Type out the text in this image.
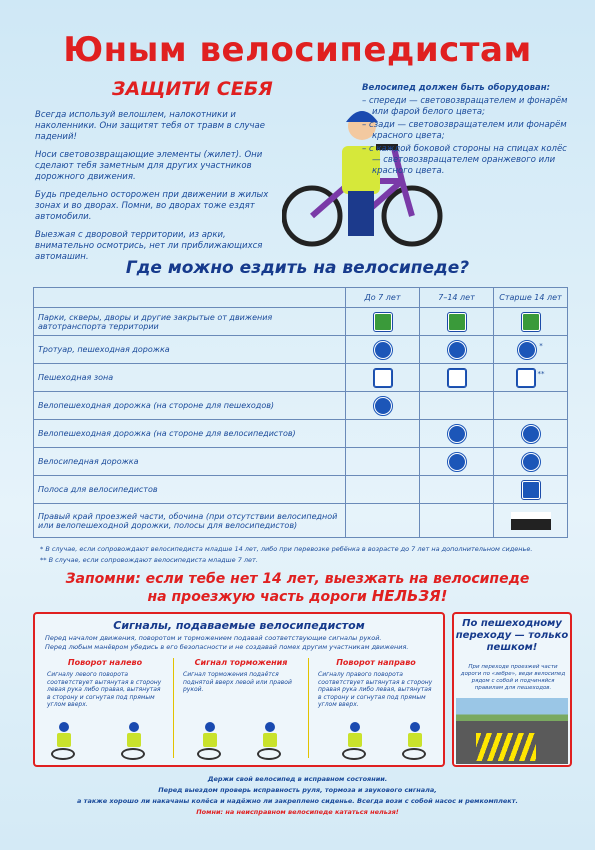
Юным велосипедистам
ЗАЩИТИ СЕБЯ

Всегда используй велошлем, налокотники и наколенники. Они защитят тебя от травм в случае падений!

Носи световозвращающие элементы (жилет). Они сделают тебя заметным для других участников дорожного движения.

Будь предельно осторожен при движении в жилых зонах и во дворах. Помни, во дворах тоже ездят автомобили.

Выезжая с дворовой территории, из арки, внимательно осмотрись, нет ли приближающихся автомашин.

Велосипед должен быть оборудован:
– спереди — световозвращателем и фонарём или фарой белого цвета;
– сзади — световозвращателем или фонарём красного цвета;
– с каждой боковой стороны на спицах колёс — световозвращателем оранжевого или красного цвета.
Где можно ездить на велосипеде?
	До 7 лет	7–14 лет	Старше 14 лет
Парки, скверы, дворы и другие закрытые от движения автотранспорта территории			
Тротуар, пешеходная дорожка			*
Пешеходная зона			**
Велопешеходная дорожка (на стороне для пешеходов)			
Велопешеходная дорожка (на стороне для велосипедистов)			
Велосипедная дорожка			
Полоса для велосипедистов			
Правый край проезжей части, обочина (при отсутствии велосипедной или велопешеходной дорожки, полосы для велосипедистов)			
* В случае, если сопровождают велосипедиста младше 14 лет, либо при перевозке ребёнка в возрасте до 7 лет на дополнительном сиденье.
** В случае, если сопровождают велосипедиста младше 7 лет.
Запомни: если тебе нет 14 лет, выезжать на велосипеде
на проезжую часть дороги НЕЛЬЗЯ!
Сигналы, подаваемые велосипедистом
Перед началом движения, поворотом и торможением подавай соответствующие сигналы рукой.
Перед любым манёвром убедись в его безопасности и не создавай помех другим участникам движения.
Поворот налево

Сигналу левого поворота соответствует вытянутая в сторону левая рука либо правая, вытянутая в сторону и согнутая под прямым углом вверх.

Сигнал торможения

Сигнал торможения подаётся поднятой вверх левой или правой рукой.

Поворот направо

Сигналу правого поворота соответствует вытянутая в сторону правая рука либо левая, вытянутая в сторону и согнутая под прямым углом вверх.

По пешеходному переходу — только пешком!
При переходе проезжей части дороги по «зебре», веди велосипед рядом с собой и подчиняйся правилам для пешеходов.
Держи свой велосипед в исправном состоянии.
Перед выездом проверь исправность руля, тормоза и звукового сигнала,
а также хорошо ли накачаны колёса и надёжно ли закреплено сиденье. Всегда вози с собой насос и ремкомплект.
Помни: на неисправном велосипеде кататься нельзя!
